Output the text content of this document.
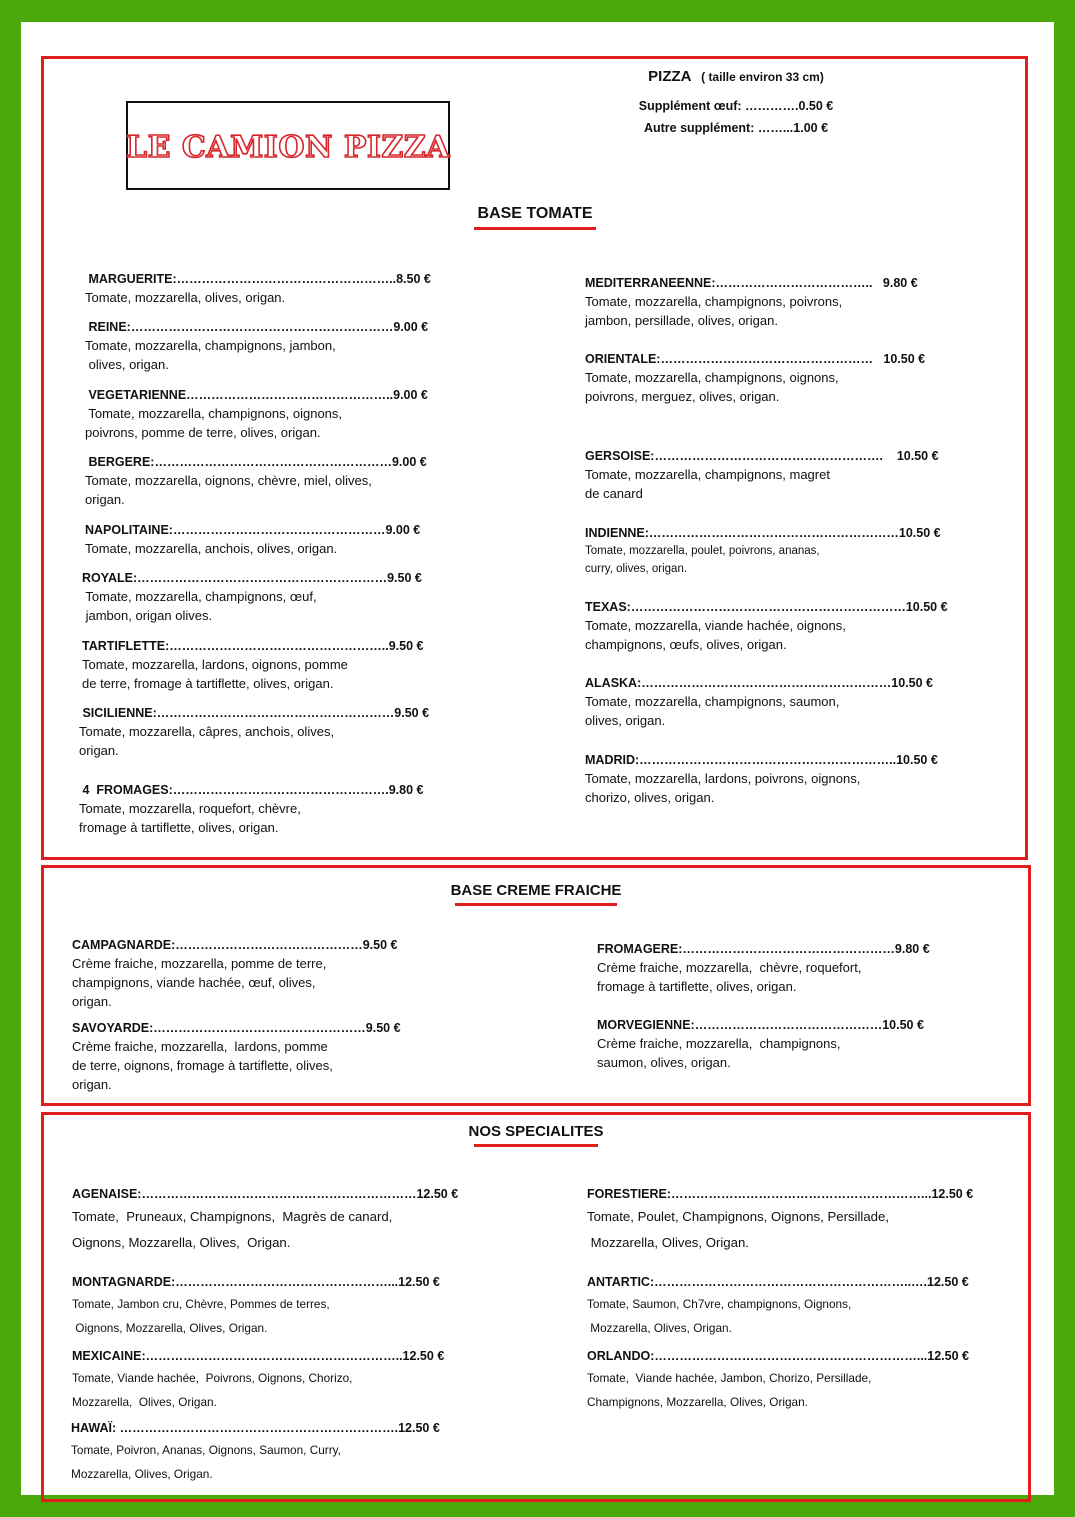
LE CAMION PIZZA
PIZZA ( taille environ 33 cm)
Supplément œuf: ………….0.50 €
Autre supplément: ……...1.00 €
BASE TOMATE
BASE CREME FRAICHE
NOS SPECIALITES
MARGUERITE:……………………………………………..8.50 €
Tomate, mozzarella, olives, origan.
REINE:………………………………………………………9.00 €
Tomate, mozzarella, champignons, jambon,
olives, origan.
VEGETARIENNE…………………………………………..9.00 €
Tomate, mozzarella, champignons, oignons,
poivrons, pomme de terre, olives, origan.
BERGERE:…………………………………………………9.00 €
Tomate, mozzarella, oignons, chèvre, miel, olives,
origan.
NAPOLITAINE:……………………………………………9.00 €
Tomate, mozzarella, anchois, olives, origan.
ROYALE:……………………………………………………9.50 €
Tomate, mozzarella, champignons, œuf,
jambon, origan olives.
TARTIFLETTE:……………………………………………..9.50 €
Tomate, mozzarella, lardons, oignons, pomme
de terre, fromage à tartiflette, olives, origan.
SICILIENNE:…………………………………………………9.50 €
Tomate, mozzarella, câpres, anchois, olives,
origan.
4  FROMAGES:…………………………………………….9.80 €
Tomate, mozzarella, roquefort, chèvre,
fromage à tartiflette, olives, origan.
MEDITERRANEENNE:………………………………..   9.80 €
Tomate, mozzarella, champignons, poivrons,
jambon, persillade, olives, origan.
ORIENTALE:……………………………………………   10.50 €
Tomate, mozzarella, champignons, oignons,
poivrons, merguez, olives, origan.
GERSOISE:……………………………………………….    10.50 €
Tomate, mozzarella, champignons, magret
de canard
INDIENNE:……………………………………………………10.50 €
Tomate, mozzarella, poulet, poivrons, ananas,
curry, olives, origan.
TEXAS:…………………………………………………………10.50 €
Tomate, mozzarella, viande hachée, oignons,
champignons, œufs, olives, origan.
ALASKA:……………………………………………………10.50 €
Tomate, mozzarella, champignons, saumon,
olives, origan.
MADRID:……………………………………………………..10.50 €
Tomate, mozzarella, lardons, poivrons, oignons,
chorizo, olives, origan.
CAMPAGNARDE:………………………………………9.50 €
Crème fraiche, mozzarella, pomme de terre,
champignons, viande hachée, œuf, olives,
origan.
SAVOYARDE:……………………………………………9.50 €
Crème fraiche, mozzarella,  lardons, pomme
de terre, oignons, fromage à tartiflette, olives,
origan.
FROMAGERE:……………………………………………9.80 €
Crème fraiche, mozzarella,  chèvre, roquefort,
fromage à tartiflette, olives, origan.
MORVEGIENNE:………………………………………10.50 €
Crème fraiche, mozzarella,  champignons,
saumon, olives, origan.
AGENAISE:…………………………………………………………12.50 €
Tomate,  Pruneaux, Champignons,  Magrès de canard,
Oignons, Mozzarella, Olives,  Origan.
MONTAGNARDE:……………………………………………...12.50 €
Tomate, Jambon cru, Chèvre, Pommes de terres,
Oignons, Mozzarella, Olives, Origan.
MEXICAINE:……………………………………………………..12.50 €
Tomate, Viande hachée,  Poivrons, Oignons, Chorizo,
Mozzarella,  Olives, Origan.
HAWAÏ: ………………………………………………………….12.50 €
Tomate, Poivron, Ananas, Oignons, Saumon, Curry,
Mozzarella, Olives, Origan.
FORESTIERE:……………………………………………………...12.50 €
Tomate, Poulet, Champignons, Oignons, Persillade,
Mozzarella, Olives, Origan.
ANTARTIC:……………………………………………………..….12.50 €
Tomate, Saumon, Ch7vre, champignons, Oignons,
Mozzarella, Olives, Origan.
ORLANDO:………………………………………………………...12.50 €
Tomate,  Viande hachée, Jambon, Chorizo, Persillade,
Champignons, Mozzarella, Olives, Origan.
